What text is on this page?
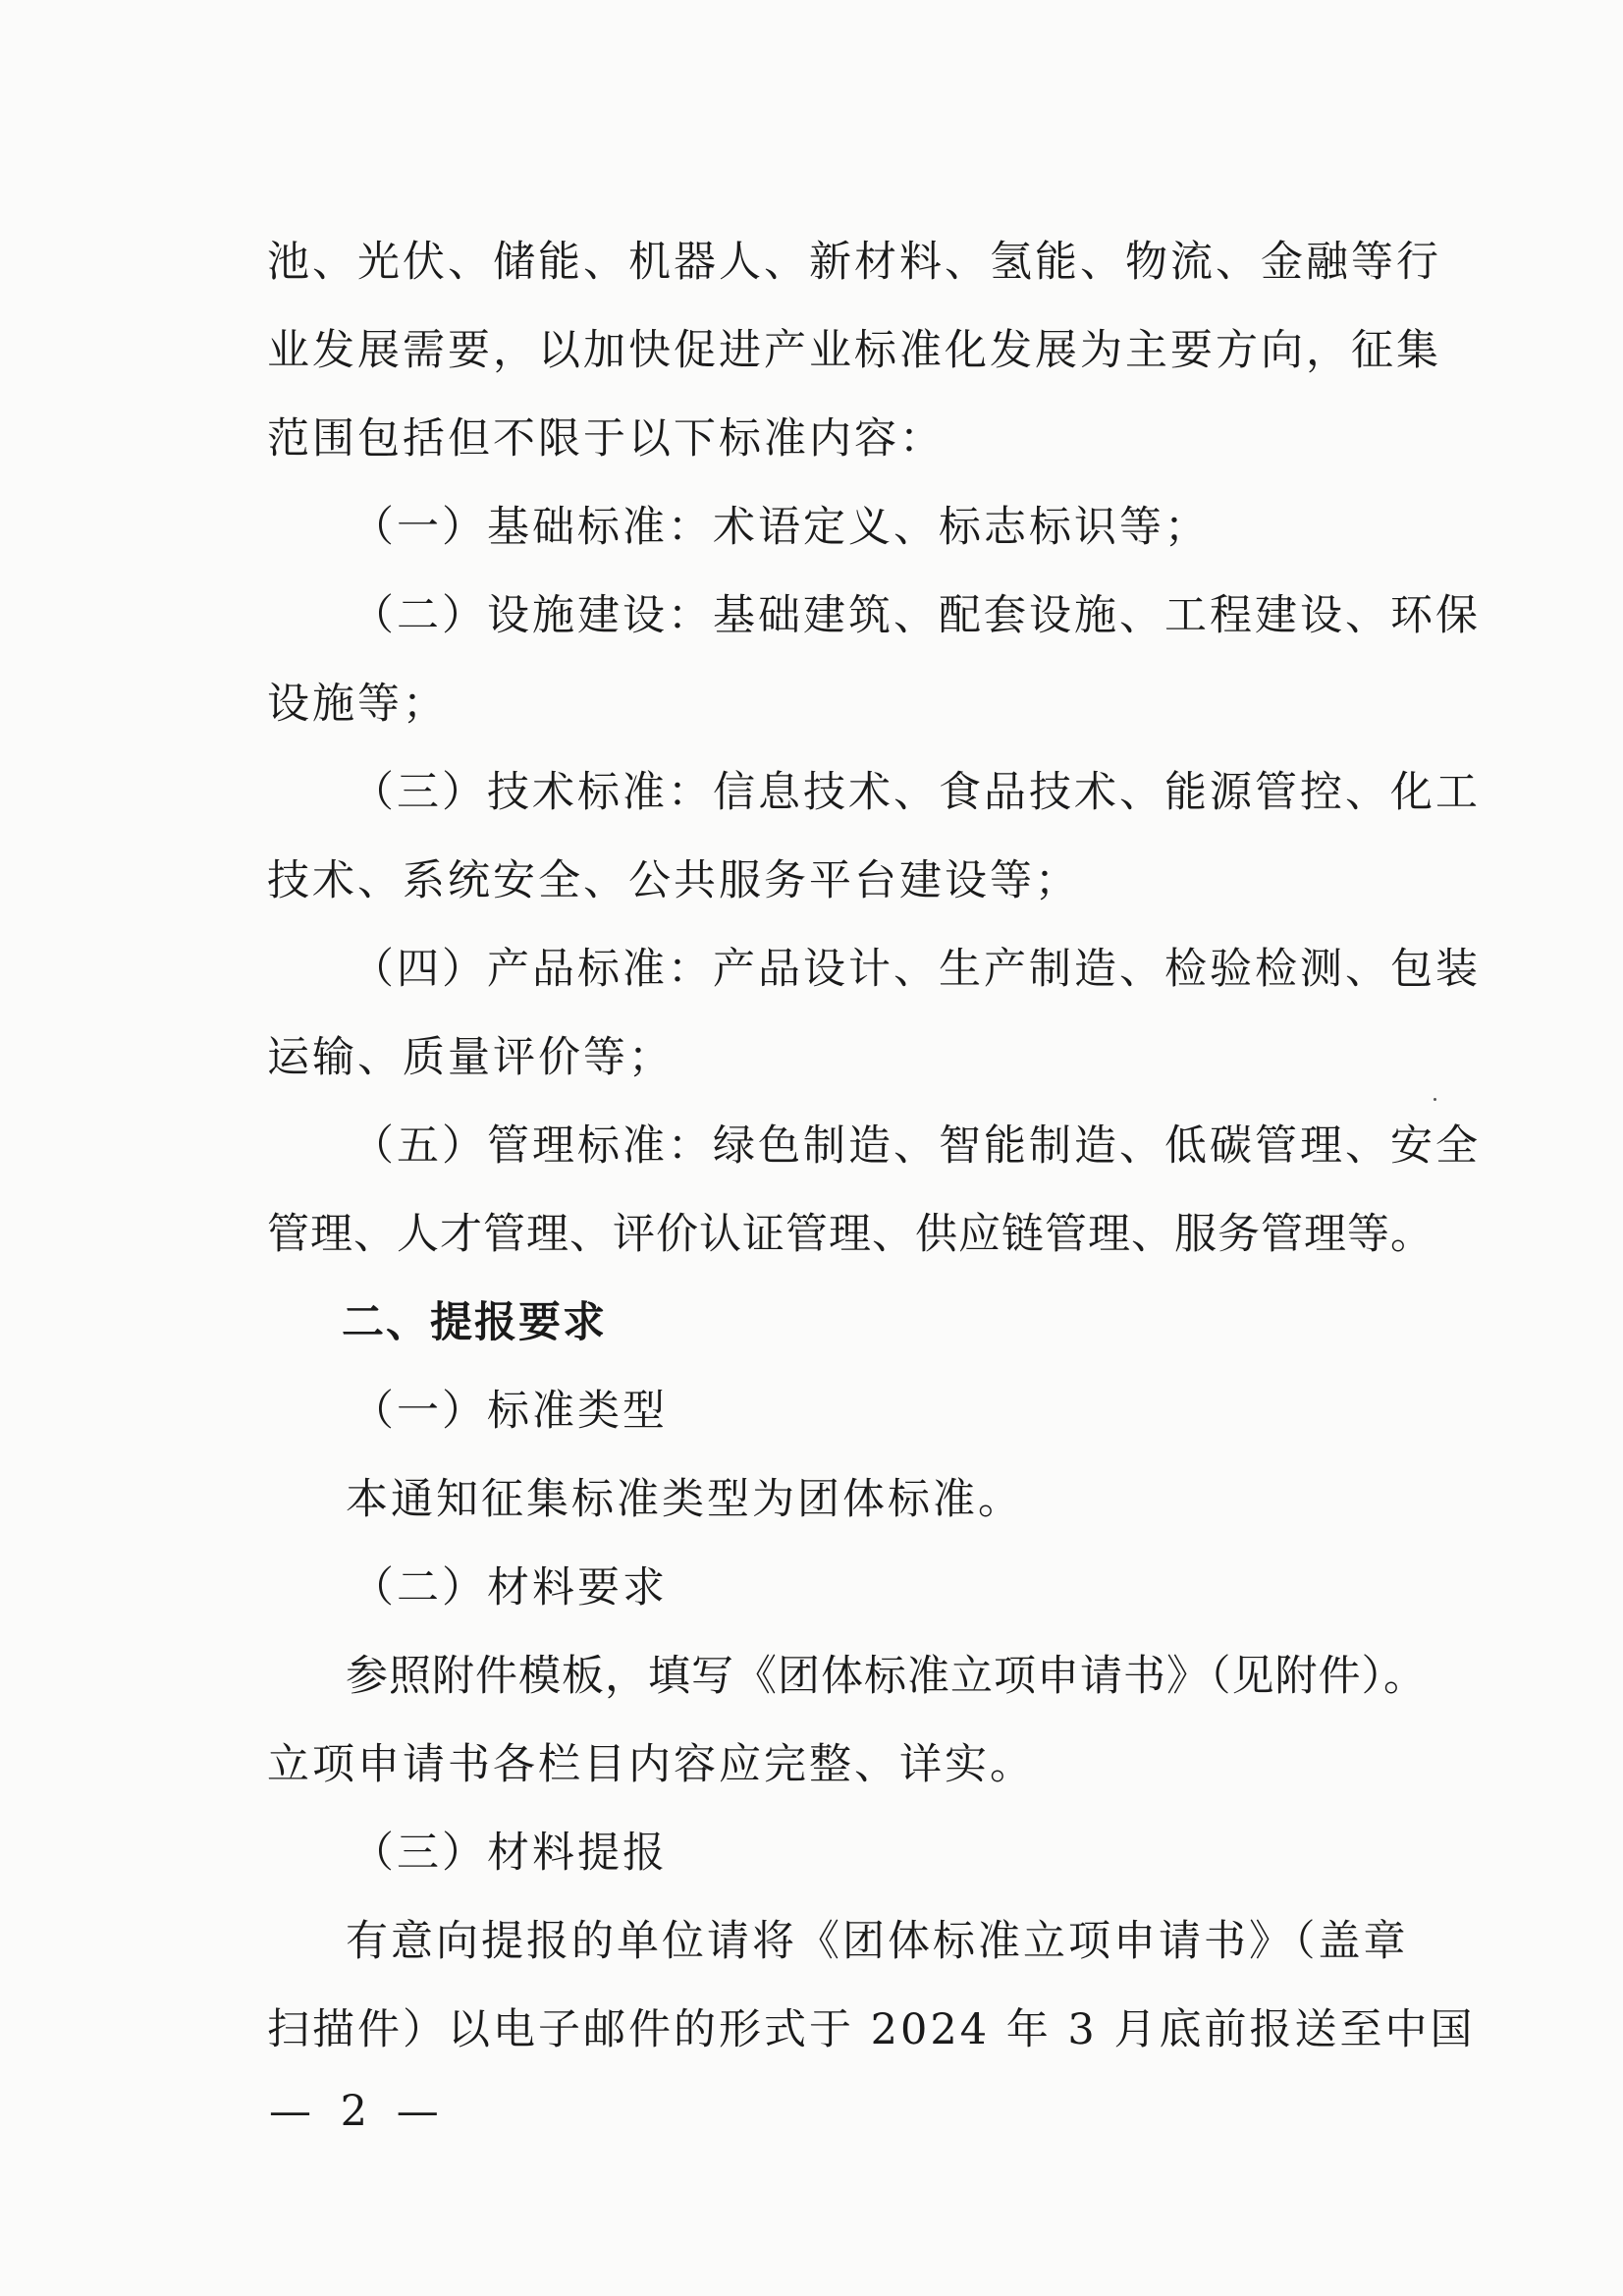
池、光伏、储能、机器人、新材料、氢能、物流、金融等行
业发展需要，以加快促进产业标准化发展为主要方向，征集
范围包括但不限于以下标准内容：
（一）基础标准：术语定义、标志标识等；
（二）设施建设：基础建筑、配套设施、工程建设、环保
设施等；
（三）技术标准：信息技术、食品技术、能源管控、化工
技术、系统安全、公共服务平台建设等；
（四）产品标准：产品设计、生产制造、检验检测、包装
运输、质量评价等；
（五）管理标准：绿色制造、智能制造、低碳管理、安全
管理、人才管理、评价认证管理、供应链管理、服务管理等。
二、提报要求
（一）标准类型
本通知征集标准类型为团体标准。
（二）材料要求
参照附件模板，填写《团体标准立项申请书》（见附件）。
立项申请书各栏目内容应完整、详实。
（三）材料提报
有意向提报的单位请将《团体标准立项申请书》（盖章
扫描件）以电子邮件的形式于 2024 年 3 月底前报送至中国
— 2 —
